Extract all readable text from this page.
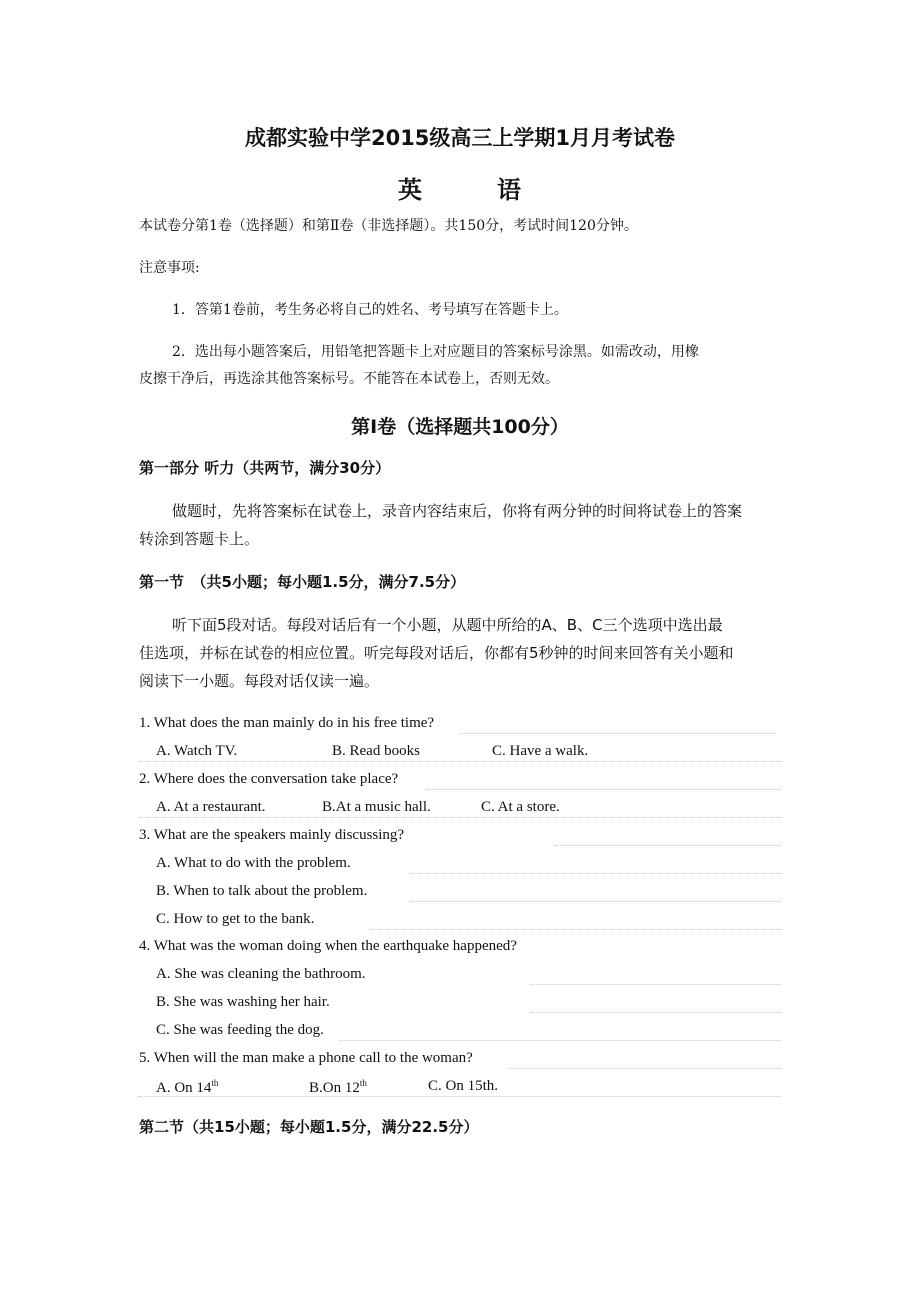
成都实验中学2015级高三上学期1月月考试卷
英	语
本试卷分第1卷（选择题）和第Ⅱ卷（非选择题）。共150分，考试时间120分钟。
注意事项:
1．答第1卷前，考生务必将自己的姓名、考号填写在答题卡上。
2．选出每小题答案后，用铅笔把答题卡上对应题目的答案标号涂黑。如需改动，用橡
皮擦干净后，再选涂其他答案标号。不能答在本试卷上，否则无效。
第I卷（选择题共100分）
第一部分 听力（共两节，满分30分）
做题时，先将答案标在试卷上，录音内容结束后，你将有两分钟的时间将试卷上的答案
转涂到答题卡上。
第一节　（共5小题；每小题1.5分，满分7.5分）
听下面5段对话。每段对话后有一个小题，从题中所给的A、B、C三个选项中选出最
佳选项，并标在试卷的相应位置。听完每段对话后，你都有5秒钟的时间来回答有关小题和
阅读下一小题。每段对话仅读一遍。
1. What does the man mainly do in his free time?
A. Watch TV.	B. Read books	C. Have a walk.
2. Where does the conversation take place?
A. At a restaurant.	B.At a music hall.	C. At a store.
3. What are the speakers mainly discussing?
A. What to do with the problem.
B. When to talk about the problem.
C. How to get to the bank.
4. What was the woman doing when the earthquake happened?
A. She was cleaning the bathroom.
B. She was washing her hair.
C. She was feeding the dog.
5. When will the man make a phone call to the woman?
A. On 14th	B.On 12th	C. On 15th.
第二节（共15小题；每小题1.5分，满分22.5分）
